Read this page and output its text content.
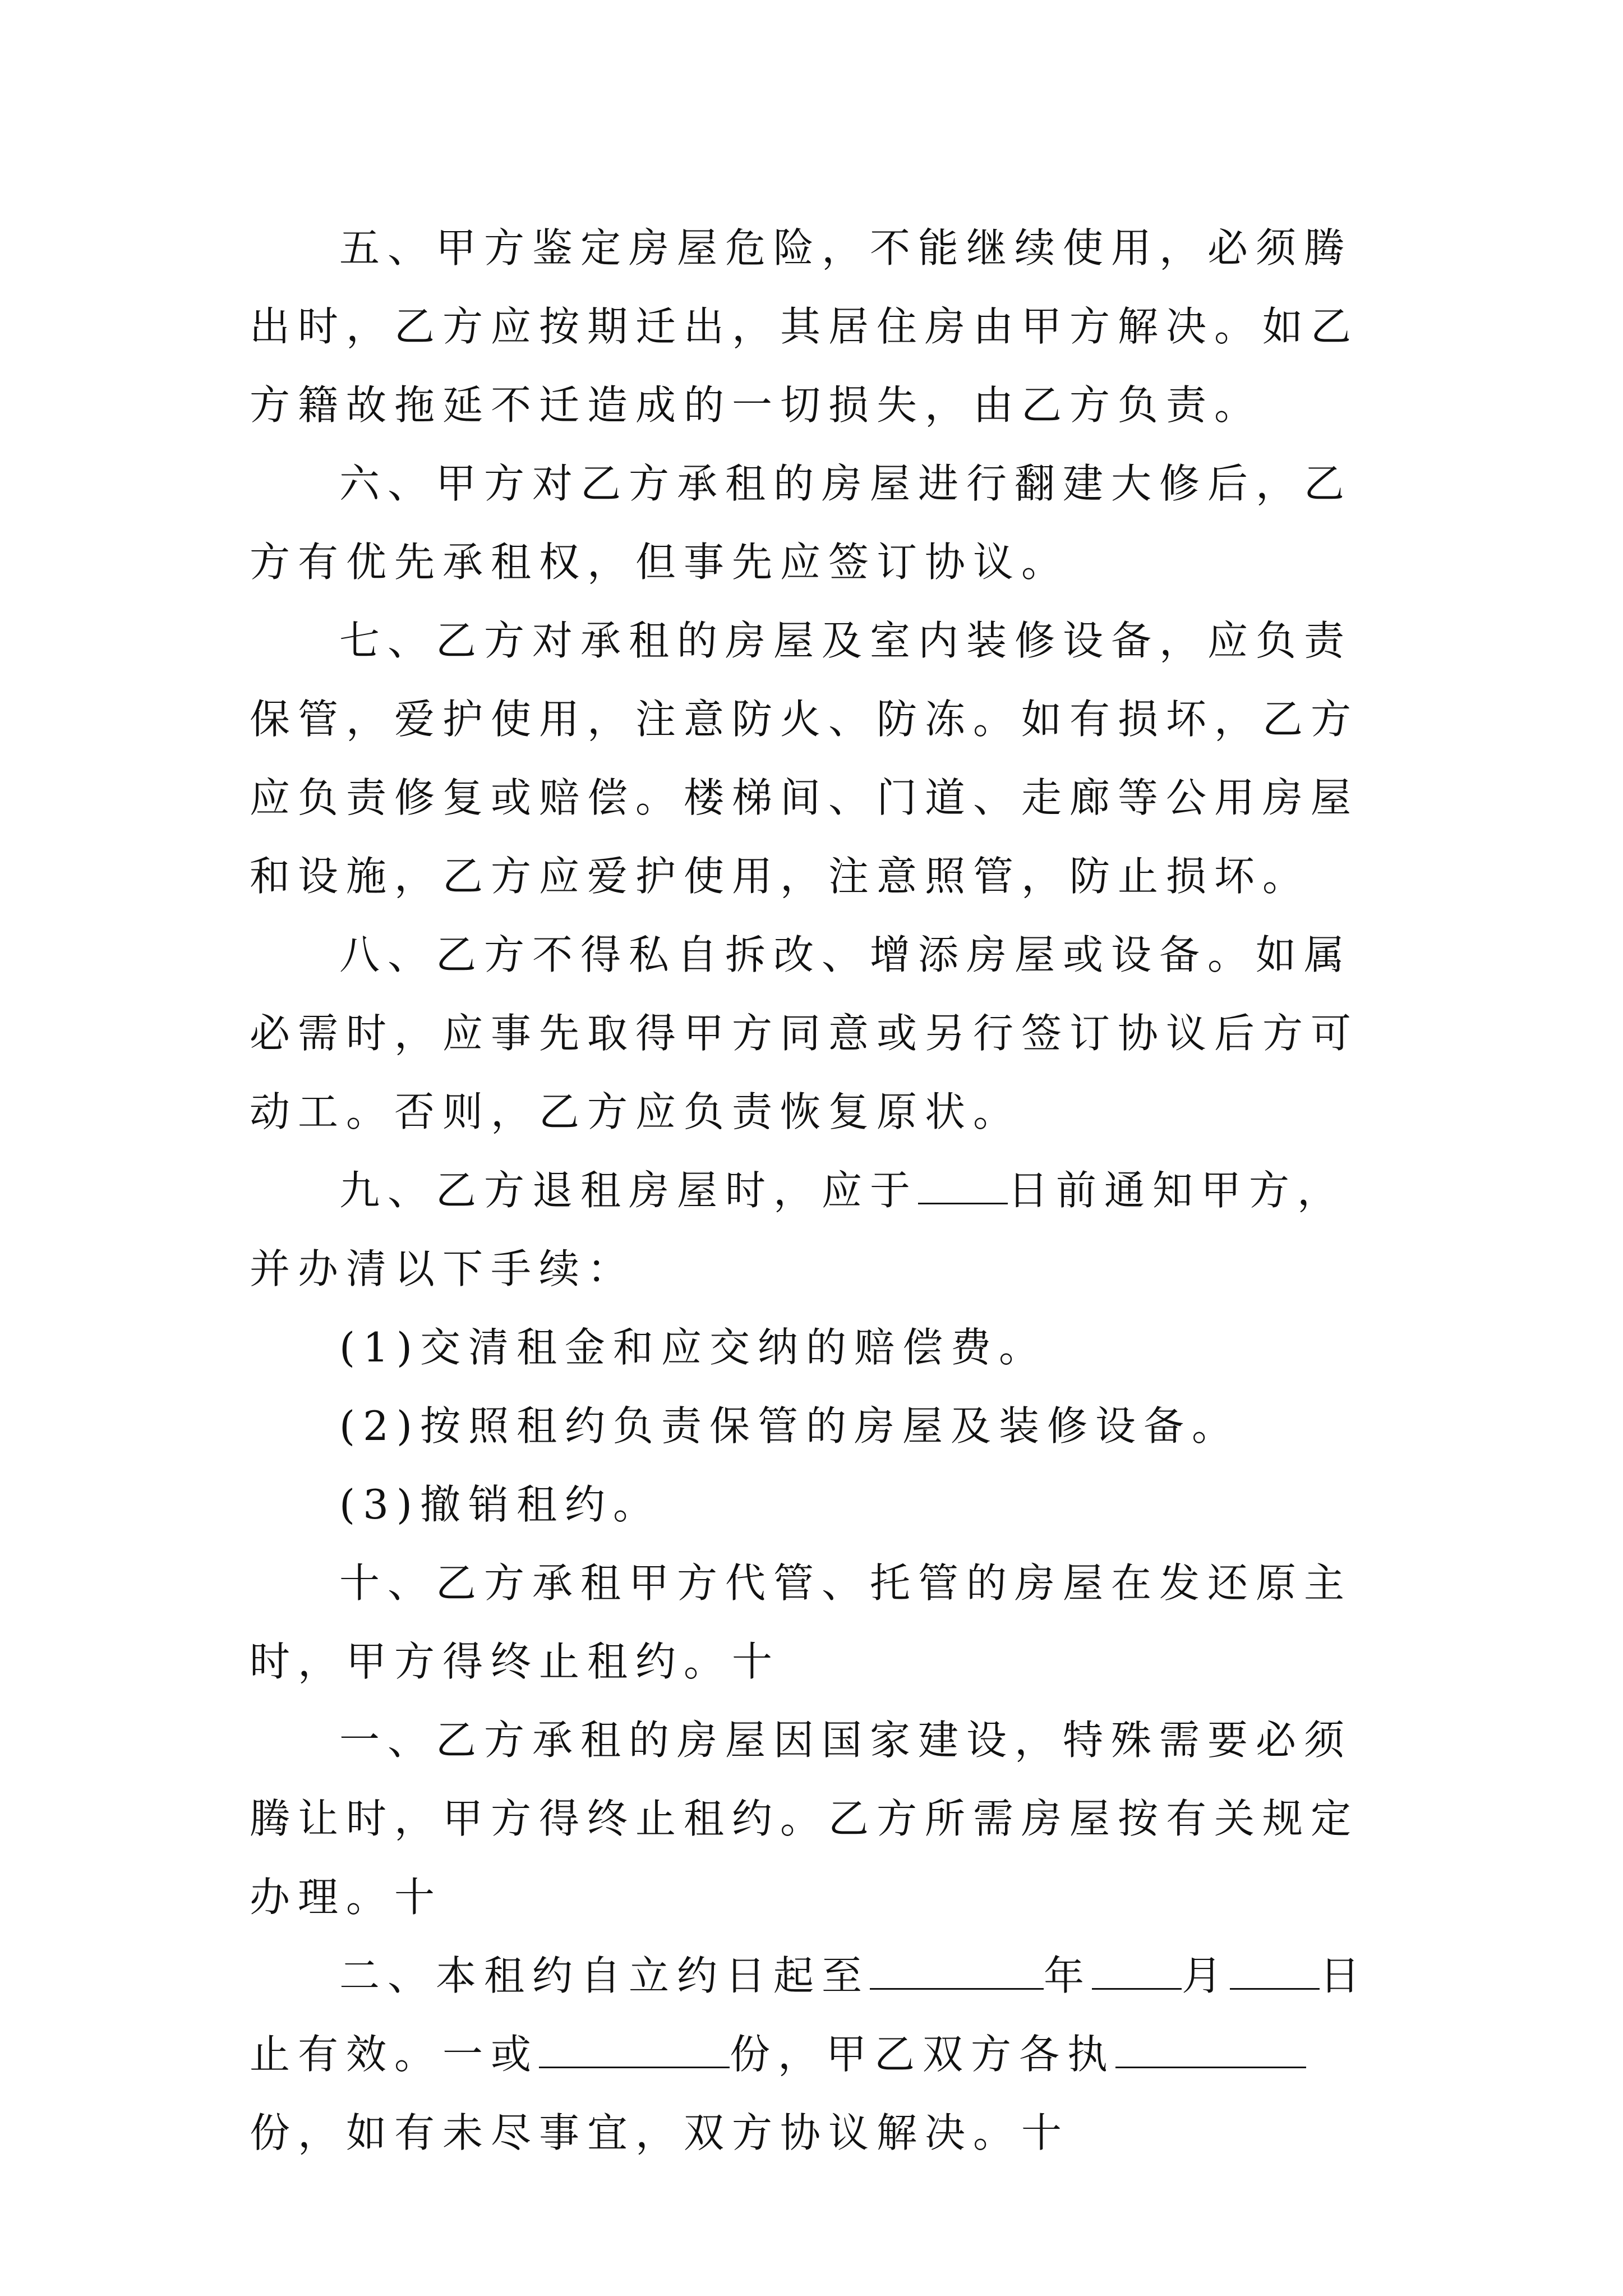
五、甲方鉴定房屋危险，不能继续使用，必须腾出时，乙方应按期迁出，其居住房由甲方解决。如乙方籍故拖延不迁造成的一切损失，由乙方负责。

六、甲方对乙方承租的房屋进行翻建大修后，乙方有优先承租权，但事先应签订协议。

七、乙方对承租的房屋及室内装修设备，应负责保管，爱护使用，注意防火、防冻。如有损坏，乙方应负责修复或赔偿。楼梯间、门道、走廊等公用房屋和设施，乙方应爱护使用，注意照管，防止损坏。

八、乙方不得私自拆改、增添房屋或设备。如属必需时，应事先取得甲方同意或另行签订协议后方可动工。否则，乙方应负责恢复原状。

九、乙方退租房屋时，应于 日前通知甲方，并办清以下手续：

(1)交清租金和应交纳的赔偿费。

(2)按照租约负责保管的房屋及装修设备。

(3)撤销租约。

十、乙方承租甲方代管、托管的房屋在发还原主时，甲方得终止租约。十

一、乙方承租的房屋因国家建设，特殊需要必须腾让时，甲方得终止租约。乙方所需房屋按有关规定办理。十

二、本租约自立约日起至	年 月 日止有效。一或	份，甲乙双方各执份，如有未尽事宜，双方协议解决。十
